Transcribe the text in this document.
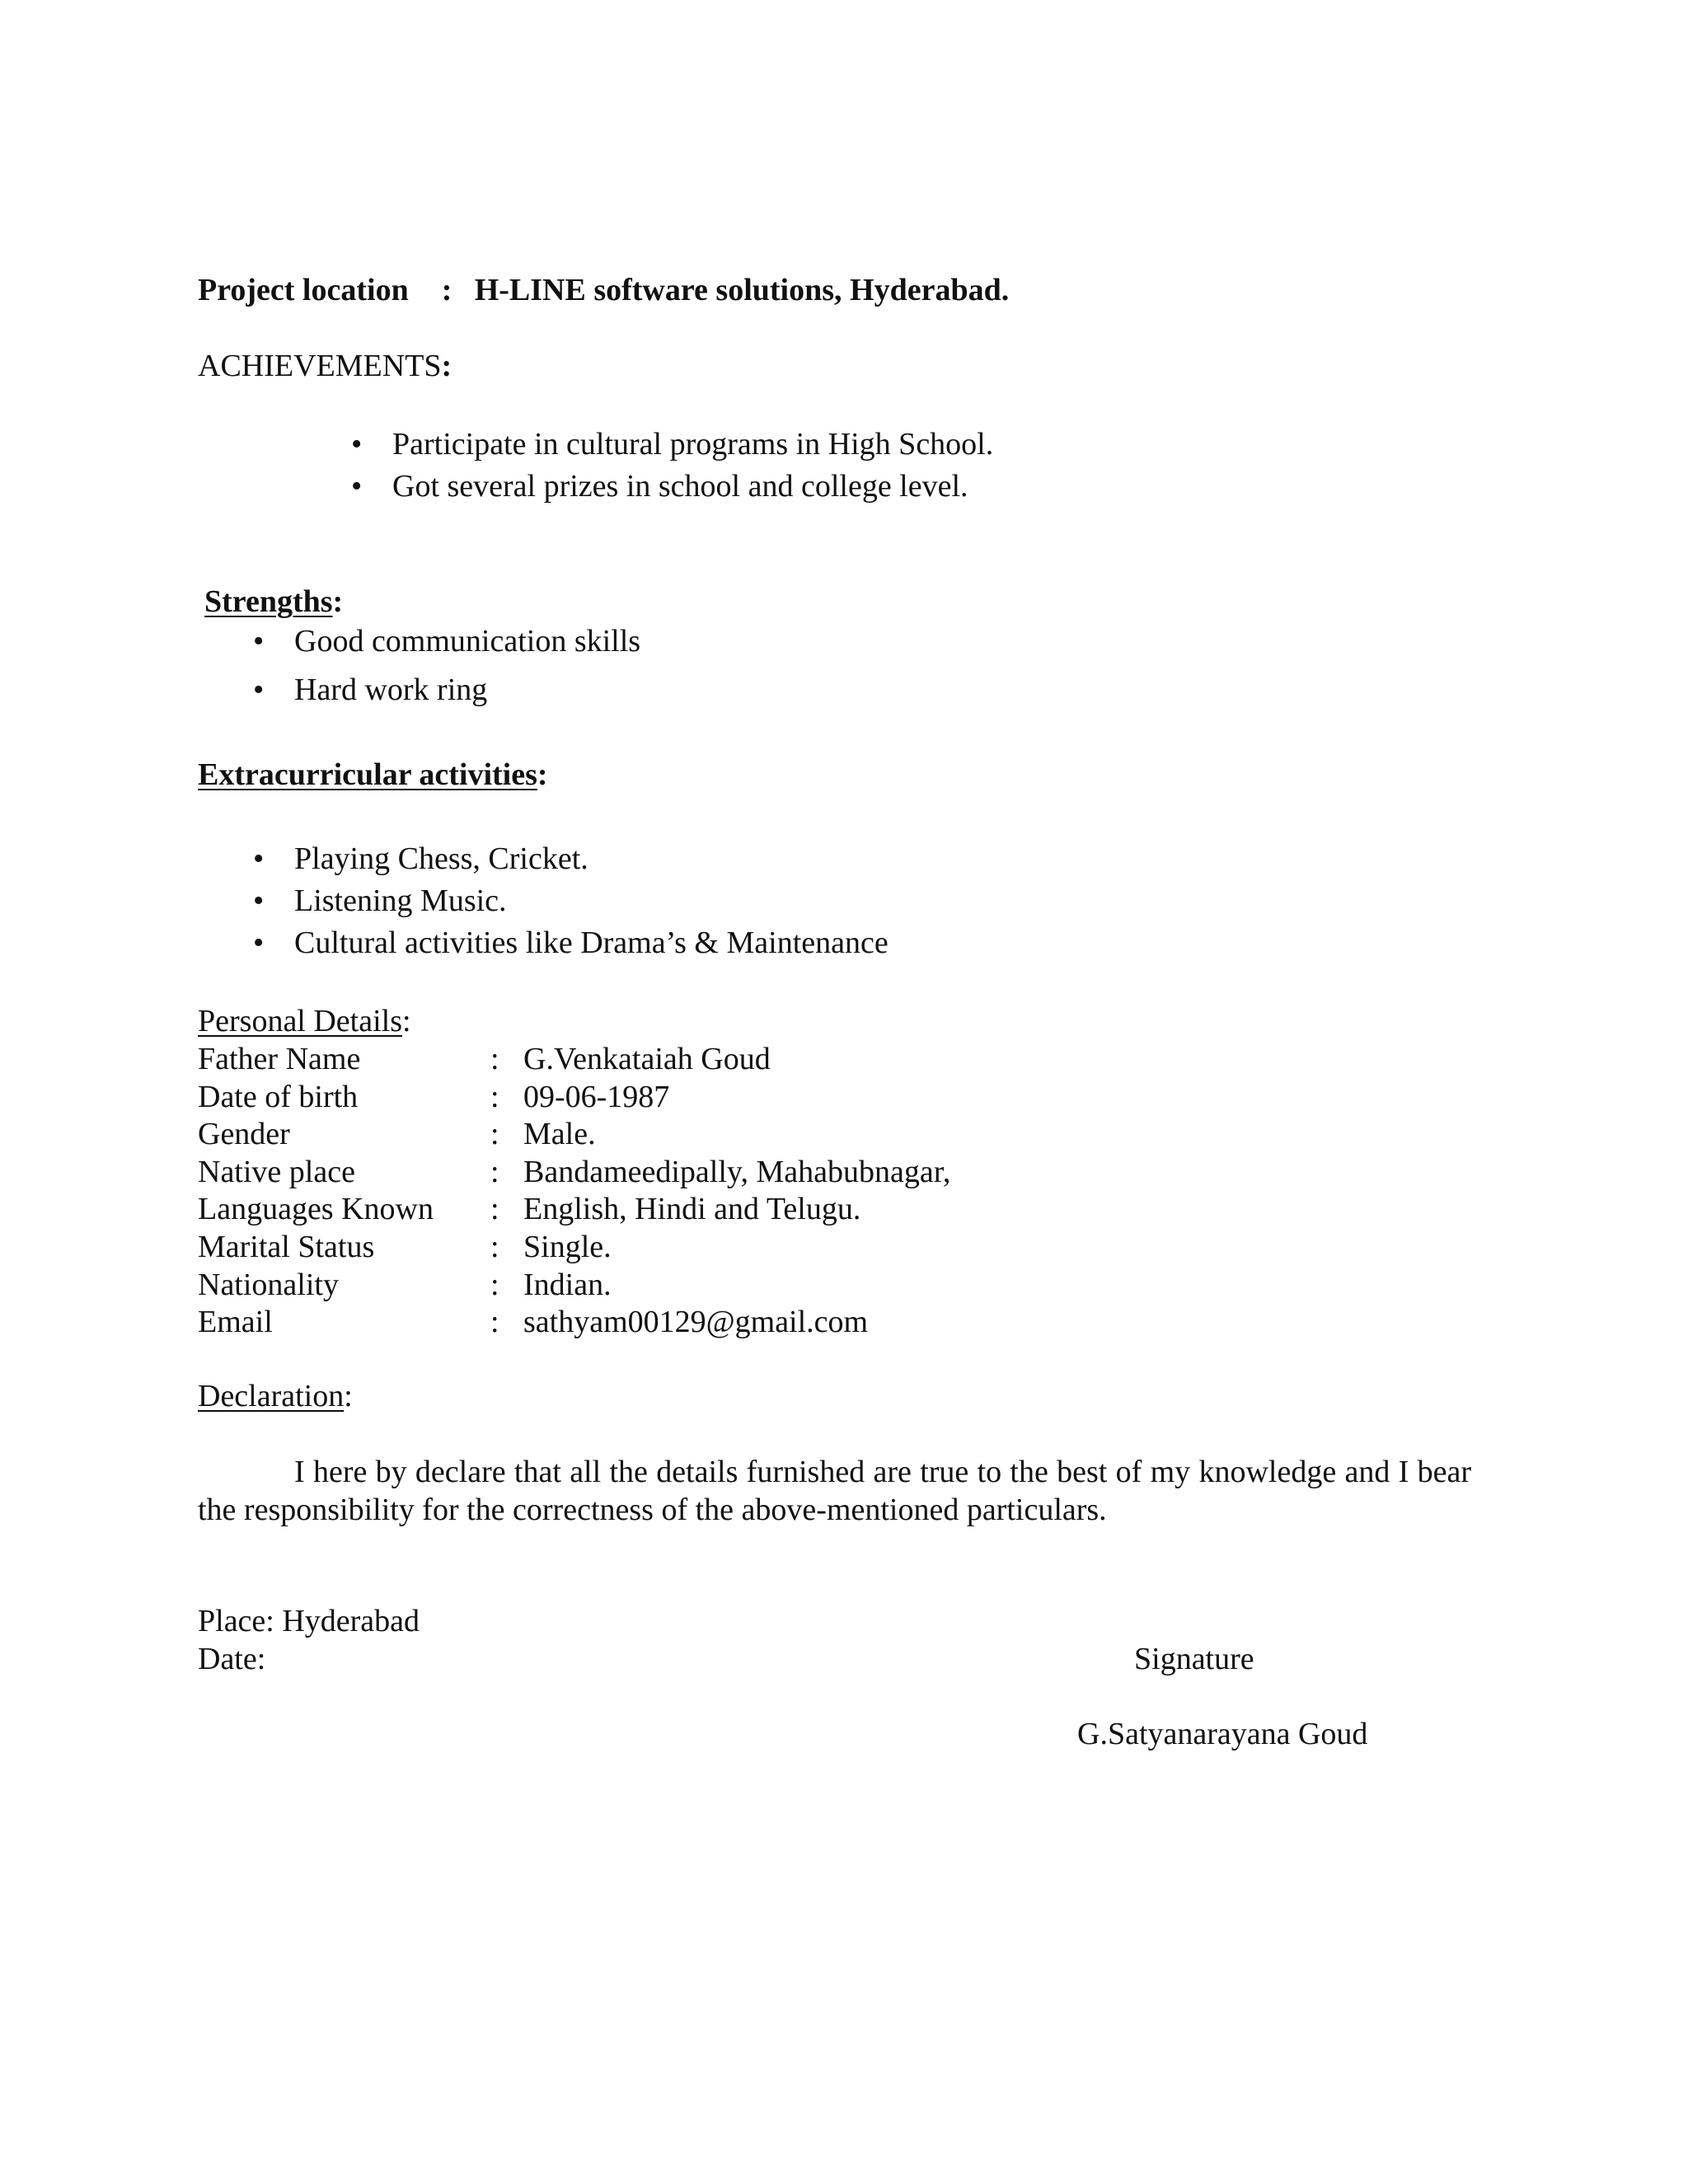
Project location : H-LINE software solutions, Hyderabad.
ACHIEVEMENTS:
• Participate in cultural programs in High School.
• Got several prizes in school and college level.
Strengths:
• Good communication skills
• Hard work ring
Extracurricular activities:
• Playing Chess, Cricket.
• Listening Music.
• Cultural activities like Drama’s & Maintenance
Personal Details:
Father Name	: G.Venkataiah Goud
Date of birth	: 09-06-1987
Gender	: Male.
Native place	: Bandameedipally, Mahabubnagar,
Languages Known : English, Hindi and Telugu.
Marital Status	: Single.
Nationality	: Indian.
Email	: sathyam00129@gmail.com
Declaration:

I here by declare that all the details furnished are true to the best of my knowledge and I bear the responsibility for the correctness of the above-mentioned particulars.

Place: Hyderabad
Date:	Signature
G.Satyanarayana Goud
